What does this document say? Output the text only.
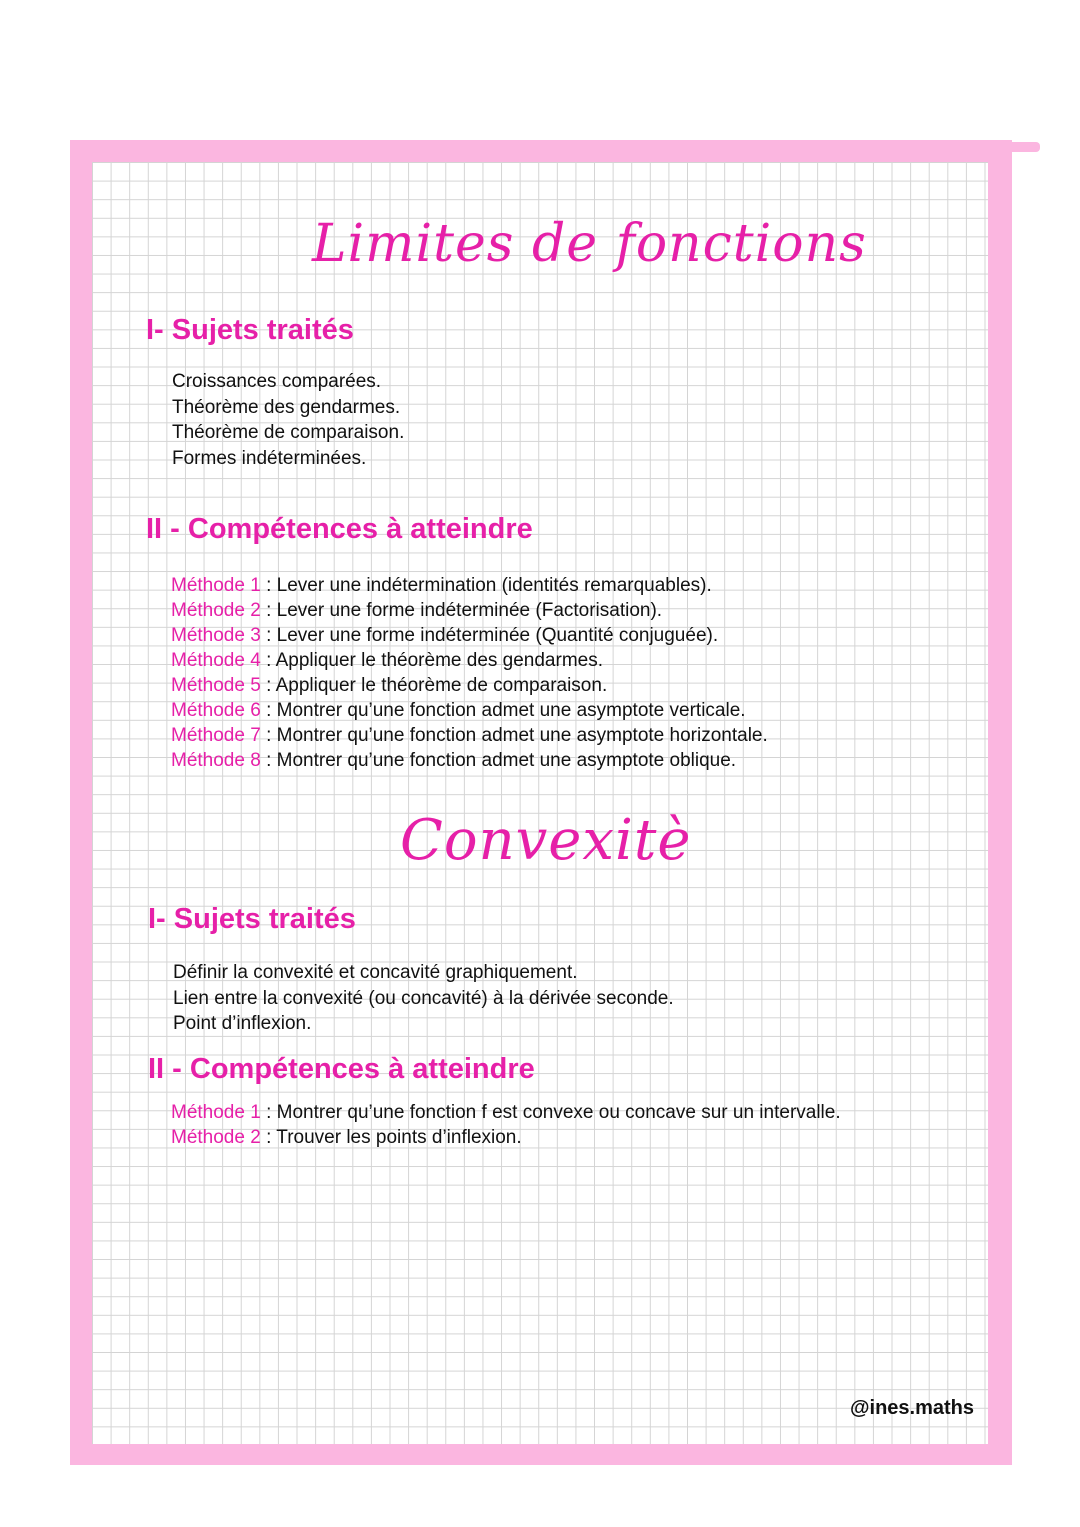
Limites de fonctions
I- Sujets traités
Croissances comparées.
Théorème des gendarmes.
Théorème de comparaison.
Formes indéterminées.
II - Compétences à atteindre
Méthode 1 : Lever une indétermination (identités remarquables).
Méthode 2 : Lever une forme indéterminée (Factorisation).
Méthode 3 : Lever une forme indéterminée (Quantité conjuguée).
Méthode 4 : Appliquer le théorème des gendarmes.
Méthode 5 : Appliquer le théorème de comparaison.
Méthode 6 : Montrer qu’une fonction admet une asymptote verticale.
Méthode 7 : Montrer qu’une fonction admet une asymptote horizontale.
Méthode 8 : Montrer qu’une fonction admet une asymptote oblique.
Convexitè
I- Sujets traités
Définir la convexité et concavité graphiquement.
Lien entre la convexité (ou concavité) à la dérivée seconde.
Point d’inflexion.
II - Compétences à atteindre
Méthode 1 : Montrer qu’une fonction f est convexe ou concave sur un intervalle.
Méthode 2 : Trouver les points d’inflexion.
@ines.maths
